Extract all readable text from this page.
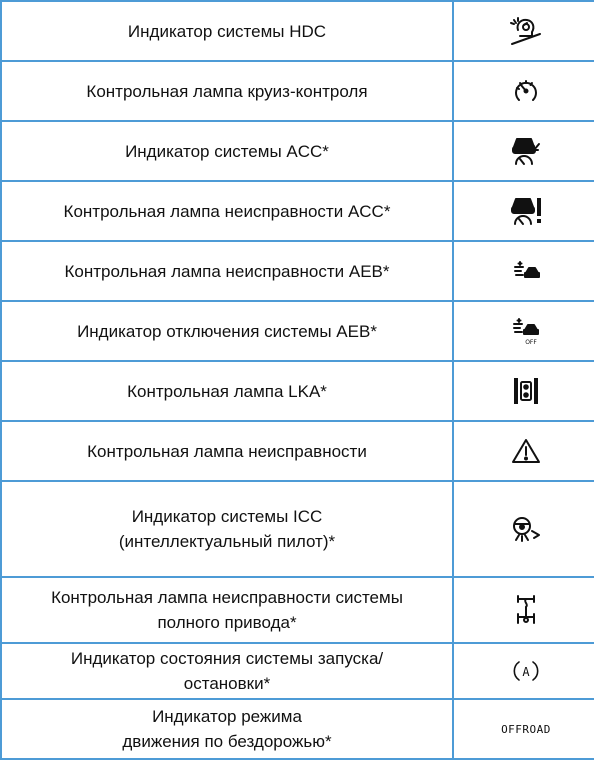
Индикатор системы HDC	

Контрольная лампа круиз-контроля	

Индикатор системы ACC*	

Контрольная лампа неисправности ACC*	

Контрольная лампа неисправности AEB*	

Индикатор отключения системы AEB*	OFF

Контрольная лампа LKA*	

Контрольная лампа неисправности	

Индикатор системы ICC
(интеллектуальный пилот)*

Контрольная лампа неисправности системы
полного привода*

Индикатор состояния системы запуска/
остановки*	A

Индикатор режима
движения по бездорожью*	OFFROAD
